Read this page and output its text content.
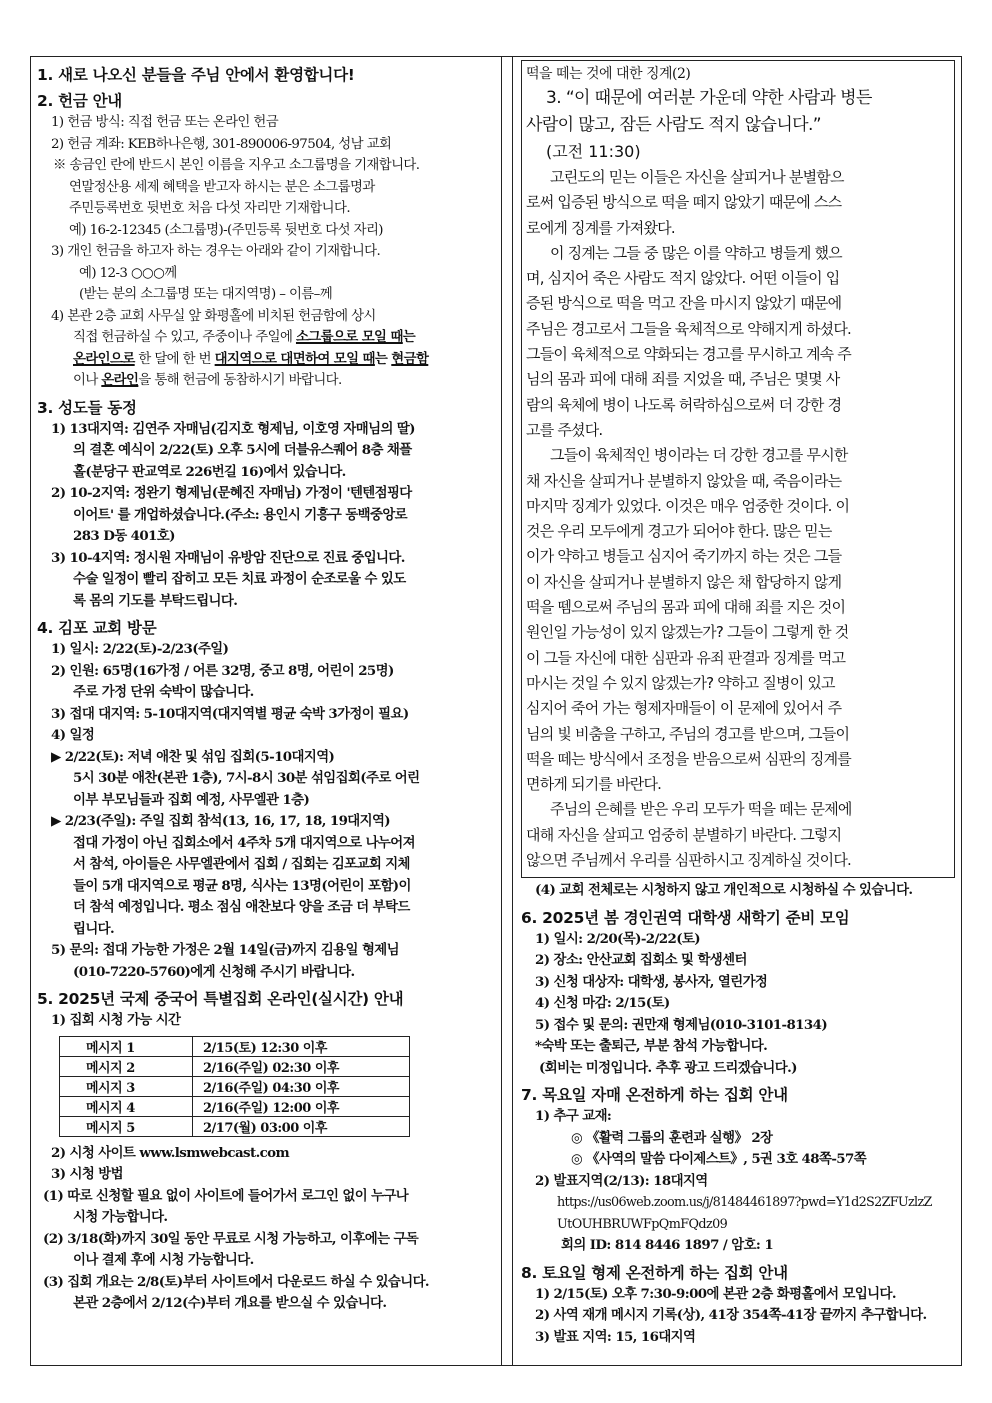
1. 새로 나오신 분들을 주님 안에서 환영합니다!
2. 헌금 안내
1) 헌금 방식: 직접 헌금 또는 온라인 헌금
2) 헌금 계좌: KEB하나은행, 301-890006-97504, 성남 교회
※ 송금인 란에 반드시 본인 이름을 지우고 소그룹명을 기재합니다.
연말정산용 세제 혜택을 받고자 하시는 분은 소그룹명과
주민등록번호 뒷번호 처음 다섯 자리만 기재합니다.
예) 16-2-12345 (소그룹명)-(주민등록 뒷번호 다섯 자리)
3) 개인 헌금을 하고자 하는 경우는 아래와 같이 기재합니다.
예) 12-3 ○○○께
(받는 분의 소그룹명 또는 대지역명) – 이름–께
4) 본관 2층 교회 사무실 앞 화평홀에 비치된 헌금함에 상시
직접 헌금하실 수 있고, 주중이나 주일에 소그룹으로 모일 때는
온라인으로 한 달에 한 번 대지역으로 대면하여 모일 때는 현금함
이나 온라인을 통해 헌금에 동참하시기 바랍니다.
3. 성도들 동정
1) 13대지역: 김연주 자매님(김지호 형제님, 이호영 자매님의 딸)
의 결혼 예식이 2/22(토) 오후 5시에 더블유스퀘어 8층 채플
홀(분당구 판교역로 226번길 16)에서 있습니다.
2) 10-2지역: 정완기 형제님(문혜진 자매님) 가정이 '텐텐점핑다
이어트' 를 개업하셨습니다.(주소: 용인시 기흥구 동백중앙로
283 D동 401호)
3) 10-4지역: 정시원 자매님이 유방암 진단으로 진료 중입니다.
수술 일정이 빨리 잡히고 모든 치료 과정이 순조로울 수 있도
록 몸의 기도를 부탁드립니다.
4. 김포 교회 방문
1) 일시: 2/22(토)-2/23(주일)
2) 인원: 65명(16가정 / 어른 32명, 중고 8명, 어린이 25명)
주로 가정 단위 숙박이 많습니다.
3) 접대 대지역: 5-10대지역(대지역별 평균 숙박 3가정이 필요)
4) 일정
▶ 2/22(토): 저녁 애찬 및 섞임 집회(5-10대지역)
5시 30분 애찬(본관 1층), 7시-8시 30분 섞임집회(주로 어린
이부 부모님들과 집회 예정, 사무엘관 1층)
▶ 2/23(주일): 주일 집회 참석(13, 16, 17, 18, 19대지역)
접대 가정이 아닌 집회소에서 4주차 5개 대지역으로 나누어져
서 참석, 아이들은 사무엘관에서 집회 / 집회는 김포교회 지체
들이 5개 대지역으로 평균 8명, 식사는 13명(어린이 포함)이
더 참석 예정입니다. 평소 점심 애찬보다 양을 조금 더 부탁드
립니다.
5) 문의: 접대 가능한 가정은 2월 14일(금)까지 김용일 형제님
(010-7220-5760)에게 신청해 주시기 바랍니다.
5. 2025년 국제 중국어 특별집회 온라인(실시간) 안내
1) 집회 시청 가능 시간
메시지 1	2/15(토) 12:30 이후
메시지 2	2/16(주일) 02:30 이후
메시지 3	2/16(주일) 04:30 이후
메시지 4	2/16(주일) 12:00 이후
메시지 5	2/17(월) 03:00 이후
2) 시청 사이트 www.lsmwebcast.com
3) 시청 방법
(1) 따로 신청할 필요 없이 사이트에 들어가서 로그인 없이 누구나
시청 가능합니다.
(2) 3/18(화)까지 30일 동안 무료로 시청 가능하고, 이후에는 구독
이나 결제 후에 시청 가능합니다.
(3) 집회 개요는 2/8(토)부터 사이트에서 다운로드 하실 수 있습니다.
본관 2층에서 2/12(수)부터 개요를 받으실 수 있습니다.
떡을 떼는 것에 대한 징계(2)
3. “이 때문에 여러분 가운데 약한 사람과 병든
사람이 많고, 잠든 사람도 적지 않습니다.”
(고전 11:30)
고린도의 믿는 이들은 자신을 살피거나 분별함으
로써 입증된 방식으로 떡을 떼지 않았기 때문에 스스
로에게 징계를 가져왔다.
이 징계는 그들 중 많은 이를 약하고 병들게 했으
며, 심지어 죽은 사람도 적지 않았다. 어떤 이들이 입
증된 방식으로 떡을 먹고 잔을 마시지 않았기 때문에
주님은 경고로서 그들을 육체적으로 약해지게 하셨다.
그들이 육체적으로 약화되는 경고를 무시하고 계속 주
님의 몸과 피에 대해 죄를 지었을 때, 주님은 몇몇 사
람의 육체에 병이 나도록 허락하심으로써 더 강한 경
고를 주셨다.
그들이 육체적인 병이라는 더 강한 경고를 무시한
채 자신을 살피거나 분별하지 않았을 때, 죽음이라는
마지막 징계가 있었다. 이것은 매우 엄중한 것이다. 이
것은 우리 모두에게 경고가 되어야 한다. 많은 믿는
이가 약하고 병들고 심지어 죽기까지 하는 것은 그들
이 자신을 살피거나 분별하지 않은 채 합당하지 않게
떡을 뗌으로써 주님의 몸과 피에 대해 죄를 지은 것이
원인일 가능성이 있지 않겠는가? 그들이 그렇게 한 것
이 그들 자신에 대한 심판과 유죄 판결과 징계를 먹고
마시는 것일 수 있지 않겠는가? 약하고 질병이 있고
심지어 죽어 가는 형제자매들이 이 문제에 있어서 주
님의 빛 비춤을 구하고, 주님의 경고를 받으며, 그들이
떡을 떼는 방식에서 조정을 받음으로써 심판의 징계를
면하게 되기를 바란다.
주님의 은혜를 받은 우리 모두가 떡을 떼는 문제에
대해 자신을 살피고 엄중히 분별하기 바란다. 그렇지
않으면 주님께서 우리를 심판하시고 징계하실 것이다.
(4) 교회 전체로는 시청하지 않고 개인적으로 시청하실 수 있습니다.
6. 2025년 봄 경인권역 대학생 새학기 준비 모임
1) 일시: 2/20(목)-2/22(토)
2) 장소: 안산교회 집회소 및 학생센터
3) 신청 대상자: 대학생, 봉사자, 열린가정
4) 신청 마감: 2/15(토)
5) 접수 및 문의: 권만재 형제님(010-3101-8134)
*숙박 또는 출퇴근, 부분 참석 가능합니다.
(회비는 미정입니다. 추후 광고 드리겠습니다.)
7. 목요일 자매 온전하게 하는 집회 안내
1) 추구 교재:
◎ 《활력 그룹의 훈련과 실행》 2장
◎ 《사역의 말씀 다이제스트》, 5권 3호 48쪽-57쪽
2) 발표지역(2/13): 18대지역
https://us06web.zoom.us/j/81484461897?pwd=Y1d2S2ZFUzlzZ
UtOUHBRUWFpQmFQdz09
회의 ID: 814 8446 1897 / 암호: 1
8. 토요일 형제 온전하게 하는 집회 안내
1) 2/15(토) 오후 7:30-9:00에 본관 2층 화평홀에서 모입니다.
2) 사역 재개 메시지 기록(상), 41장 354쪽-41장 끝까지 추구합니다.
3) 발표 지역: 15, 16대지역
